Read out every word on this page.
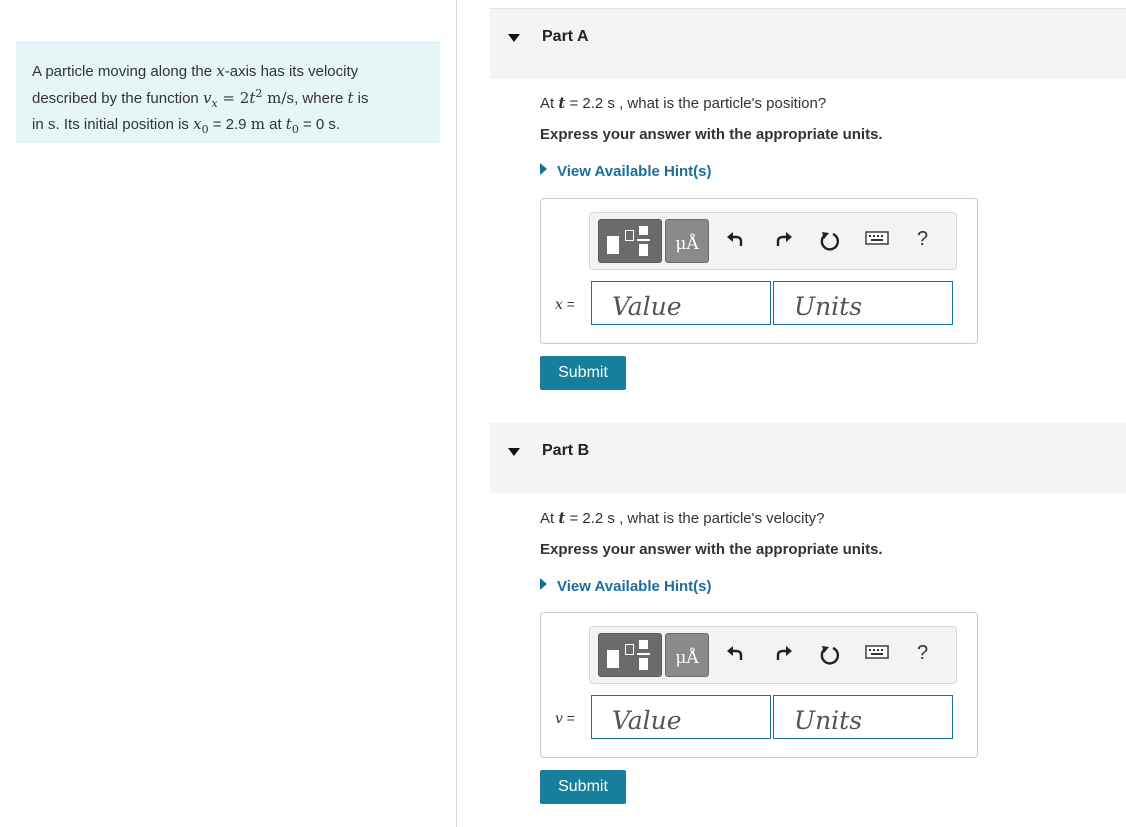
A particle moving along the x-axis has its velocity
described by the function $v_x = 2t^2$ m/s, where t is
in s. Its initial position is $x_0 = 2.9$ m at $t_0 = 0$ s.
Part A
At t = 2.2 s , what is the particle's position?
Express your answer with the appropriate units.
View Available Hint(s)
μÅ	?
x =
Value
Units
Submit
Part B
At t = 2.2 s , what is the particle's velocity?
Express your answer with the appropriate units.
View Available Hint(s)
μÅ	?
v =
Value
Units
Submit
